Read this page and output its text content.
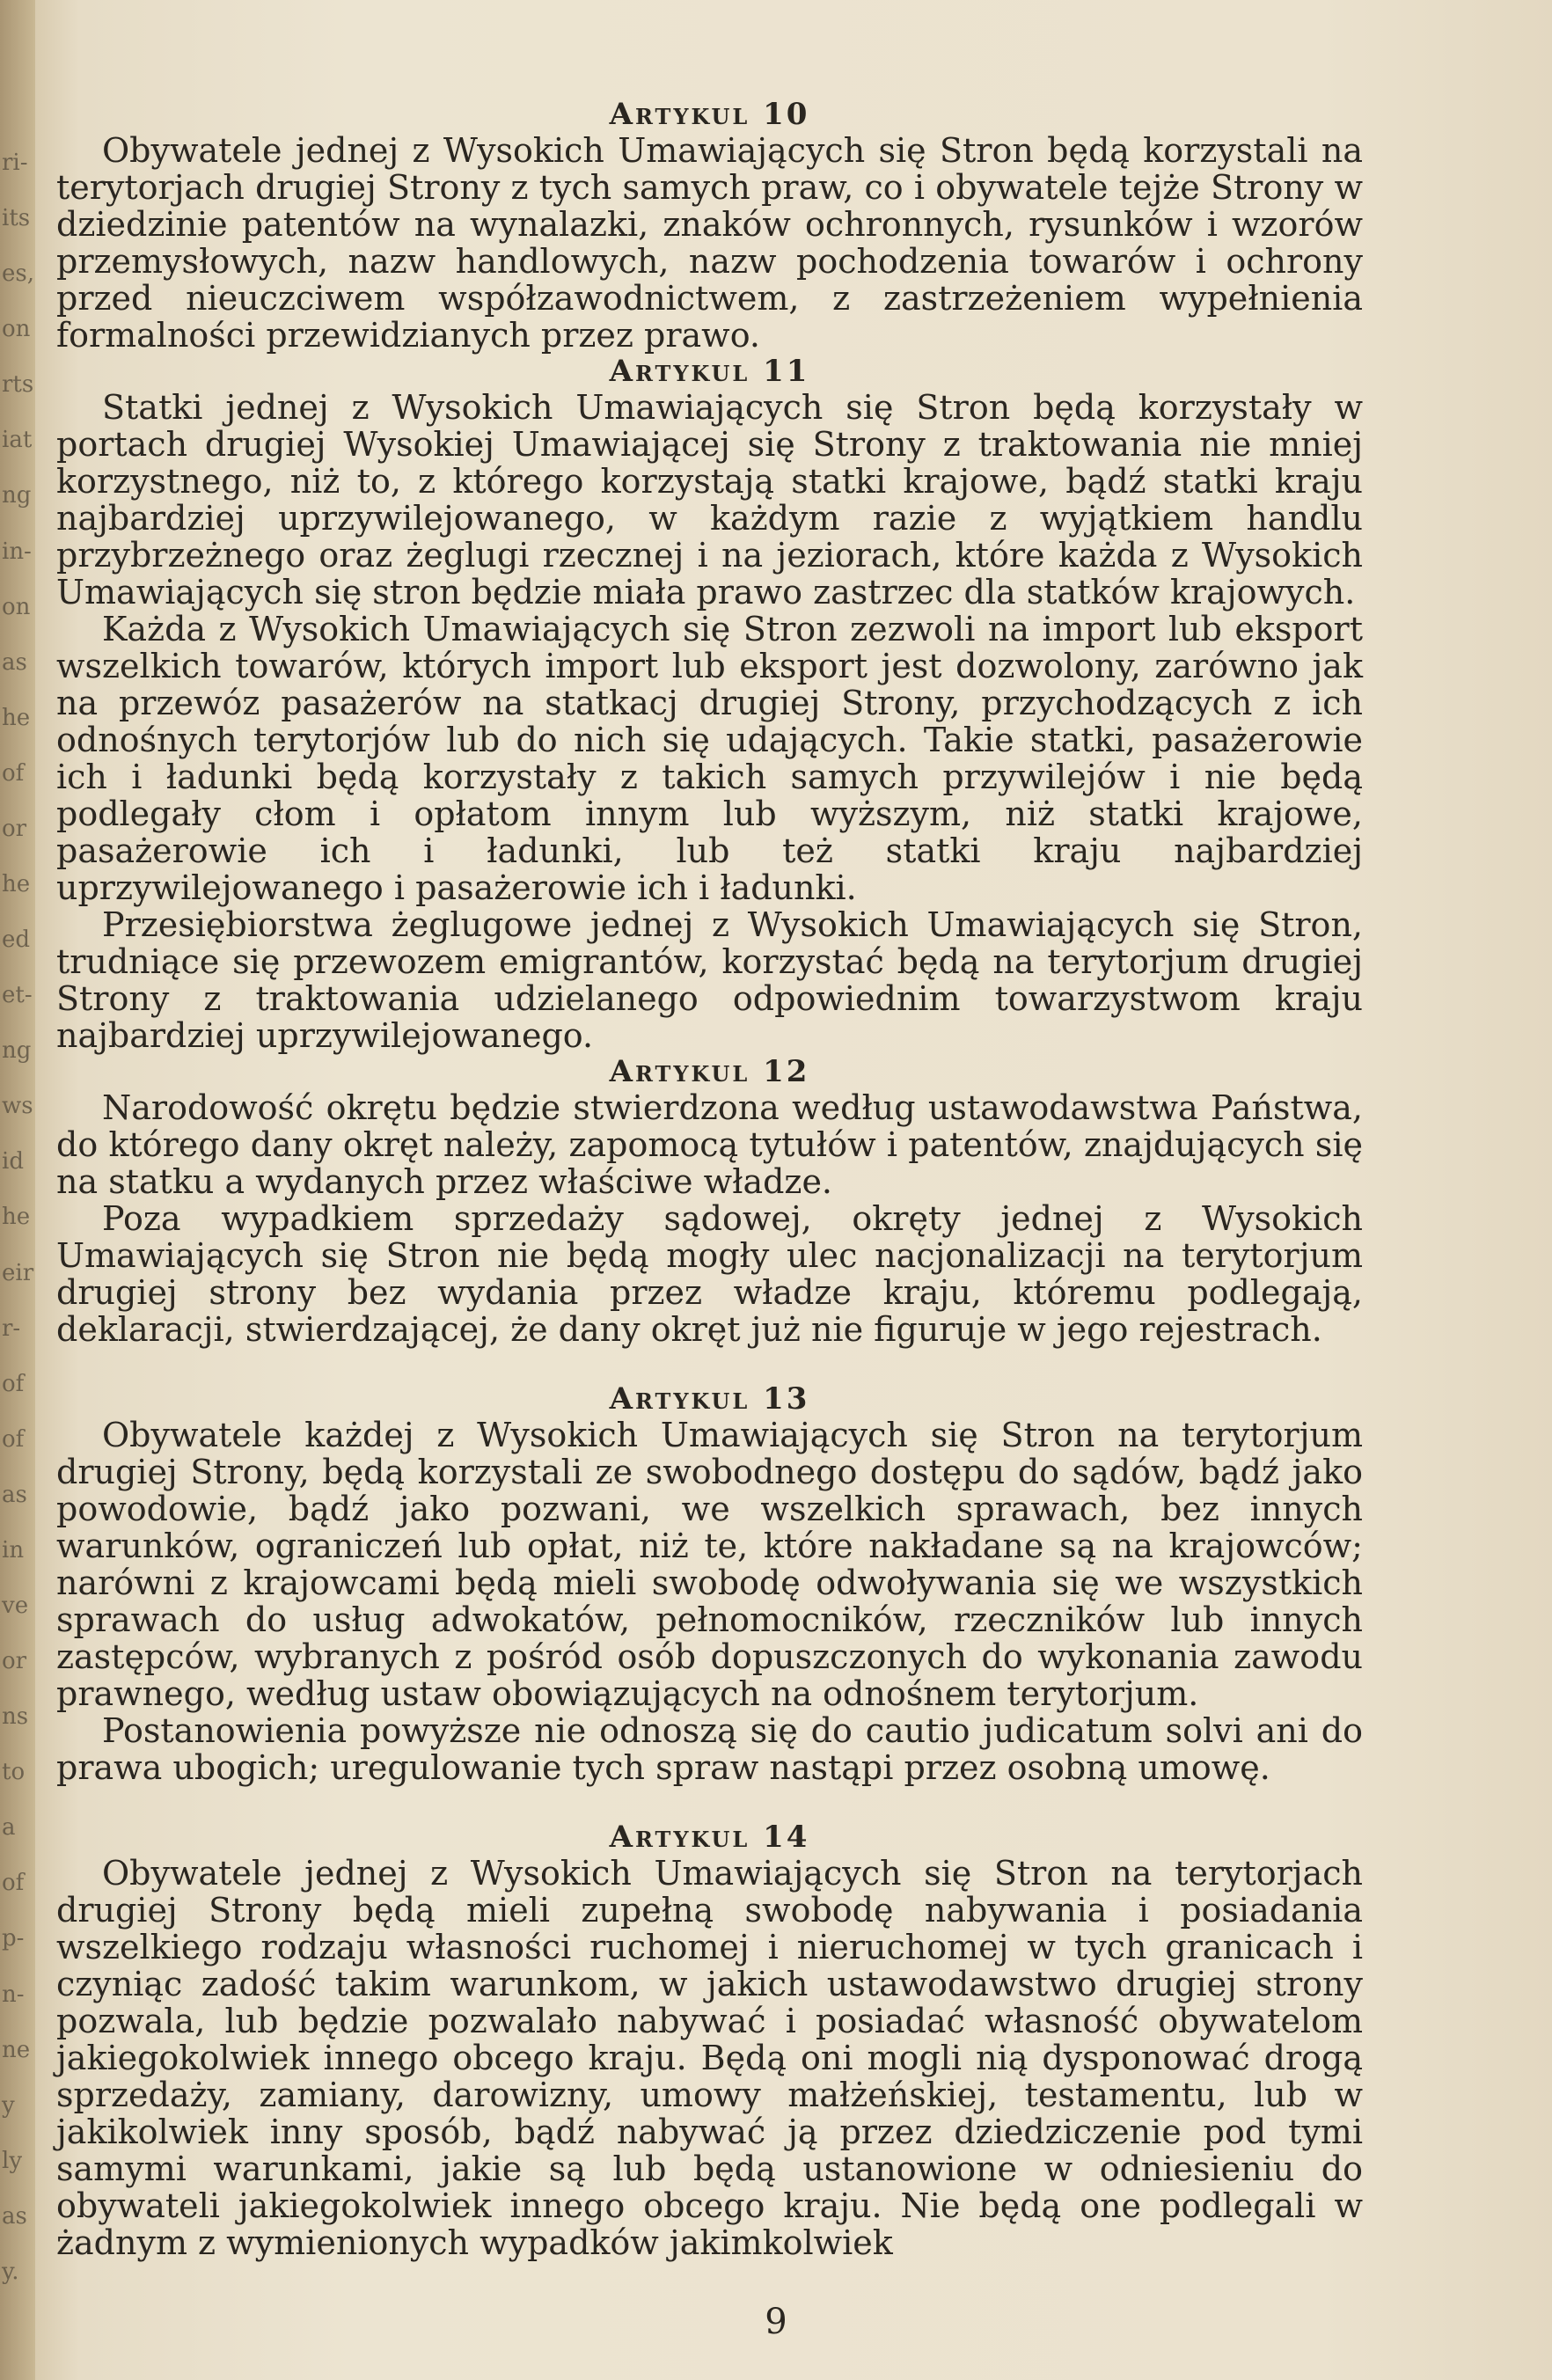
ri-
its
es,
on
rts
iat
ng
in-
on
as
he
of
or
he
ed
et-
ng
ws
id
he
eir
r-
of
of
as
in
ve
or
ns
to
a
of
p-
n-
ne
y
ly
as
y.
Artykul 10

Obywatele jednej z Wysokich Umawiających się Stron będą korzystali na terytorjach drugiej Strony z tych samych praw, co i obywatele tejże Strony w dziedzinie patentów na wynalazki, znaków ochronnych, rysunków i wzorów przemysłowych, nazw handlowych, nazw pochodzenia towarów i ochrony przed nieuczciwem współzawodnictwem, z zastrzeżeniem wypełnienia formalności przewidzianych przez prawo.

Artykul 11

Statki jednej z Wysokich Umawiających się Stron będą korzystały w portach drugiej Wysokiej Umawiającej się Strony z traktowania nie mniej korzystnego, niż to, z którego korzystają statki krajowe, bądź statki kraju najbardziej uprzywilejowanego, w każdym razie z wyjątkiem handlu przybrzeżnego oraz żeglugi rzecznej i na jeziorach, które każda z Wysokich Umawiających się stron będzie miała prawo zastrzec dla statków krajowych.

Każda z Wysokich Umawiających się Stron zezwoli na import lub eksport wszelkich towarów, których import lub eksport jest dozwolony, zarówno jak na przewóz pasażerów na statkacj drugiej Strony, przychodzących z ich odnośnych terytorjów lub do nich się udających. Takie statki, pasażerowie ich i ładunki będą korzystały z takich samych przywilejów i nie będą podlegały cłom i opłatom innym lub wyższym, niż statki krajowe, pasażerowie ich i ładunki, lub też statki kraju najbardziej uprzywilejowanego i pasażerowie ich i ładunki.

Przesiębiorstwa żeglugowe jednej z Wysokich Umawiających się Stron, trudniące się przewozem emigrantów, korzystać będą na terytorjum drugiej Strony z traktowania udzielanego odpowiednim towarzystwom kraju najbardziej uprzywilejowanego.

Artykul 12

Narodowość okrętu będzie stwierdzona według ustawodawstwa Państwa, do którego dany okręt należy, zapomocą tytułów i patentów, znajdujących się na statku a wydanych przez właściwe władze.

Poza wypadkiem sprzedaży sądowej, okręty jednej z Wysokich Umawiających się Stron nie będą mogły ulec nacjonalizacji na terytorjum drugiej strony bez wydania przez władze kraju, któremu podlegają, deklaracji, stwierdzającej, że dany okręt już nie figuruje w jego rejestrach.

Artykul 13

Obywatele każdej z Wysokich Umawiających się Stron na terytorjum drugiej Strony, będą korzystali ze swobodnego dostępu do sądów, bądź jako powodowie, bądź jako pozwani, we wszelkich sprawach, bez innych warunków, ograniczeń lub opłat, niż te, które nakładane są na krajowców; narówni z krajowcami będą mieli swobodę odwoływania się we wszystkich sprawach do usług adwokatów, pełnomocników, rzeczników lub innych zastępców, wybranych z pośród osób dopuszczonych do wykonania zawodu prawnego, według ustaw obowiązujących na odnośnem terytorjum.

Postanowienia powyższe nie odnoszą się do cautio judicatum solvi ani do prawa ubogich; uregulowanie tych spraw nastąpi przez osobną umowę.

Artykul 14

Obywatele jednej z Wysokich Umawiających się Stron na terytorjach drugiej Strony będą mieli zupełną swobodę nabywania i posiadania wszelkiego rodzaju własności ruchomej i nieruchomej w tych granicach i czyniąc zadość takim warunkom, w jakich ustawodawstwo drugiej strony pozwala, lub będzie pozwalało nabywać i posiadać własność obywatelom jakiegokolwiek innego obcego kraju. Będą oni mogli nią dysponować drogą sprzedaży, zamiany, darowizny, umowy małżeńskiej, testamentu, lub w jakikolwiek inny sposób, bądź nabywać ją przez dziedziczenie pod tymi samymi warunkami, jakie są lub będą ustanowione w odniesieniu do obywateli jakiegokolwiek innego obcego kraju. Nie będą one podlegali w żadnym z wymienionych wypadków jakimkolwiek

9
